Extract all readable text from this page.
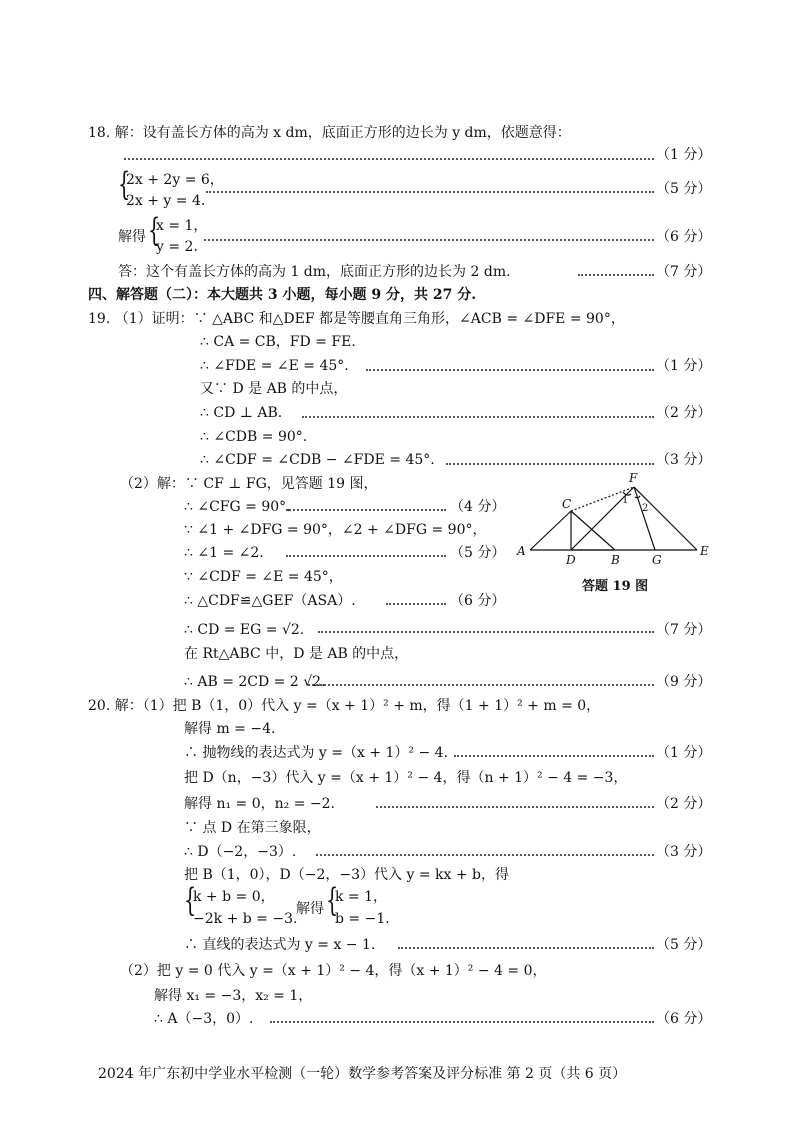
18. 解：设有盖长方体的高为 x dm，底面正方形的边长为 y dm，依题意得：
（1 分）
{
2x + 2y = 6，
2x + y = 4.
（5 分）
解得 {
x = 1，
y = 2.
（6 分）
答：这个有盖长方体的高为 1 dm，底面正方形的边长为 2 dm.	（7 分）
四、解答题（二）：本大题共 3 小题，每小题 9 分，共 27 分.
19. （1）证明：∵ △ABC 和△DEF 都是等腰直角三角形，∠ACB = ∠DFE = 90°，
∴ CA = CB，FD = FE.
∴ ∠FDE = ∠E = 45°.	（1 分）
又∵ D 是 AB 的中点，
∴ CD ⊥ AB.	（2 分）
∴ ∠CDB = 90°.
∴ ∠CDF = ∠CDB − ∠FDE = 45°.	（3 分）
（2）解：∵ CF ⊥ FG，见答题 19 图，
∴ ∠CFG = 90°.	（4 分）
∵ ∠1 + ∠DFG = 90°，∠2 + ∠DFG = 90°，
∴ ∠1 = ∠2.	（5 分）
∵ ∠CDF = ∠E = 45°，
∴ △CDF≌△GEF（ASA）.	（6 分）
A
B
C
D
E
F
G
1
2
答题 19 图
∴ CD = EG = √2.	（7 分）
在 Rt△ABC 中，D 是 AB 的中点，
∴ AB = 2CD = 2 √2.	（9 分）
20. 解：（1）把 B（1，0）代入 y =（x + 1）² + m，得（1 + 1）² + m = 0，
解得 m = −4.
∴ 抛物线的表达式为 y =（x + 1）² − 4.	（1 分）
把 D（n，−3）代入 y =（x + 1）² − 4，得（n + 1）² − 4 = −3，
解得 n₁ = 0，n₂ = −2.	（2 分）
∵ 点 D 在第三象限，
∴ D（−2，−3）.	（3 分）
把 B（1，0），D（−2，−3）代入 y = kx + b，得
{
k + b = 0，
−2k + b = −3.
解得 {
k = 1，
b = −1.
∴ 直线的表达式为 y = x − 1.	（5 分）
（2）把 y = 0 代入 y =（x + 1）² − 4，得（x + 1）² − 4 = 0，
解得 x₁ = −3，x₂ = 1，
∴ A（−3，0）.	（6 分）
2024 年广东初中学业水平检测（一轮）数学参考答案及评分标准 第 2 页（共 6 页）
